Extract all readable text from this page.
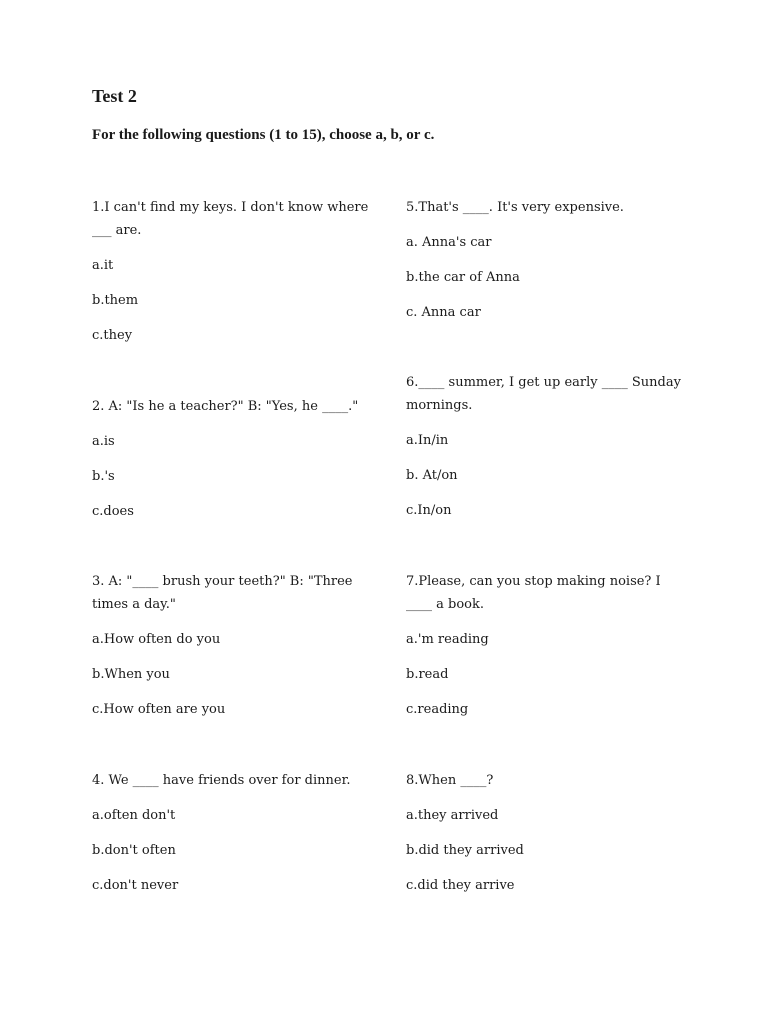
Test 2

For the following questions (1 to 15), choose a, b, or c.

1.I can't find my keys. I don't know where ___ are.

a.it

b.them

c.they

2. A: "Is he a teacher?" B: "Yes, he ____."

a.is

b.'s

c.does

3. A: "____ brush your teeth?" B: "Three times a day."

a.How often do you

b.When you

c.How often are you

4. We ____ have friends over for dinner.

a.often don't

b.don't often

c.don't never

5.That's ____. It's very expensive.

a. Anna's car

b.the car of Anna

c. Anna car

6.____ summer, I get up early ____ Sunday mornings.

a.In/in

b. At/on

c.In/on

7.Please, can you stop making noise? I ____ a book.

a.'m reading

b.read

c.reading

8.When ____?

a.they arrived

b.did they arrived

c.did they arrive
